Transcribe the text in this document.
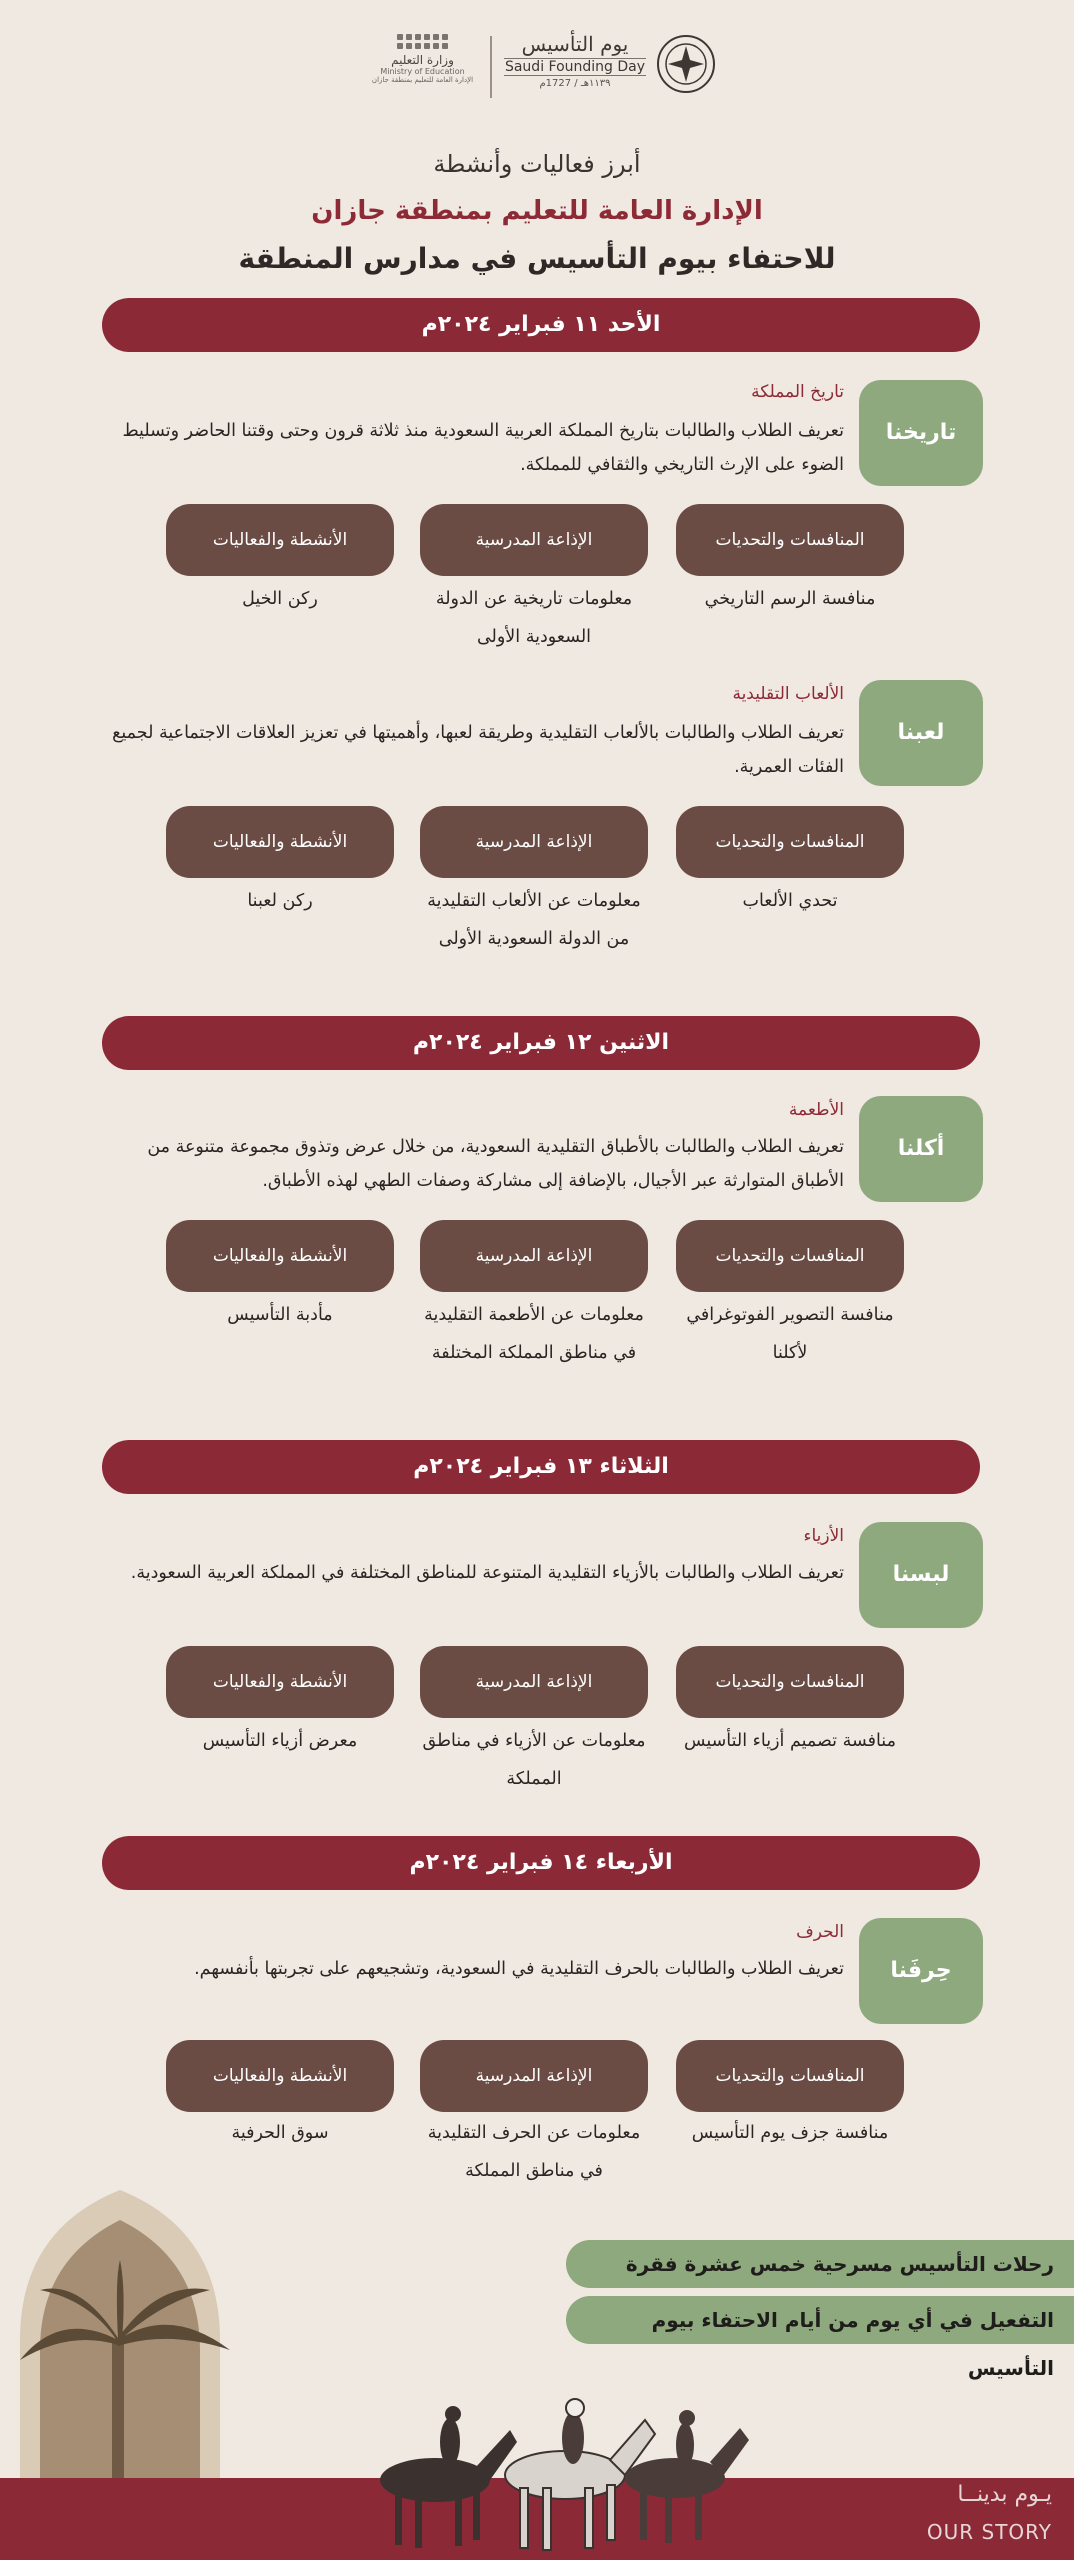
وزارة التعليم
Ministry of Education
الإدارة العامة للتعليم بمنطقة جازان
يوم التأسيس
Saudi Founding Day
١١٣٩هـ / 1727م
أبرز فعاليات وأنشطة
الإدارة العامة للتعليم بمنطقة جازان
للاحتفاء بيوم التأسيس في مدارس المنطقة
الأحد ١١ فبراير ٢٠٢٤م
تاريخنا
تاريخ المملكة
تعريف الطلاب والطالبات بتاريخ المملكة العربية السعودية منذ ثلاثة قرون وحتى وقتنا الحاضر وتسليط الضوء على الإرث التاريخي والثقافي للمملكة.
المنافسات والتحديات
الإذاعة المدرسية
الأنشطة والفعاليات
منافسة الرسم التاريخي
معلومات تاريخية عن الدولة السعودية الأولى
ركن الخيل
لعبنا
الألعاب التقليدية
تعريف الطلاب والطالبات بالألعاب التقليدية وطريقة لعبها، وأهميتها في تعزيز العلاقات الاجتماعية لجميع الفئات العمرية.
المنافسات والتحديات
الإذاعة المدرسية
الأنشطة والفعاليات
تحدي الألعاب
معلومات عن الألعاب التقليدية من الدولة السعودية الأولى
ركن لعبنا
الاثنين ١٢ فبراير ٢٠٢٤م
أكلنا
الأطعمة
تعريف الطلاب والطالبات بالأطباق التقليدية السعودية، من خلال عرض وتذوق مجموعة متنوعة من الأطباق المتوارثة عبر الأجيال، بالإضافة إلى مشاركة وصفات الطهي لهذه الأطباق.
المنافسات والتحديات
الإذاعة المدرسية
الأنشطة والفعاليات
منافسة التصوير الفوتوغرافي لأكلنا
معلومات عن الأطعمة التقليدية في مناطق المملكة المختلفة
مأدبة التأسيس
الثلاثاء ١٣ فبراير ٢٠٢٤م
لبسنا
الأزياء
تعريف الطلاب والطالبات بالأزياء التقليدية المتنوعة للمناطق المختلفة في المملكة العربية السعودية.
المنافسات والتحديات
الإذاعة المدرسية
الأنشطة والفعاليات
منافسة تصميم أزياء التأسيس
معلومات عن الأزياء في مناطق المملكة
معرض أزياء التأسيس
الأربعاء ١٤ فبراير ٢٠٢٤م
حِرفَنا
الحرف
تعريف الطلاب والطالبات بالحرف التقليدية في السعودية، وتشجيعهم على تجربتها بأنفسهم.
المنافسات والتحديات
الإذاعة المدرسية
الأنشطة والفعاليات
منافسة جزف يوم التأسيس
معلومات عن الحرف التقليدية في مناطق المملكة
سوق الحرفية
رحلات التأسيس مسرحية خمس عشرة فقرة
التفعيل في أي يوم من أيام الاحتفاء بيوم التأسيس
يـوم بدينــا
OUR STORY
